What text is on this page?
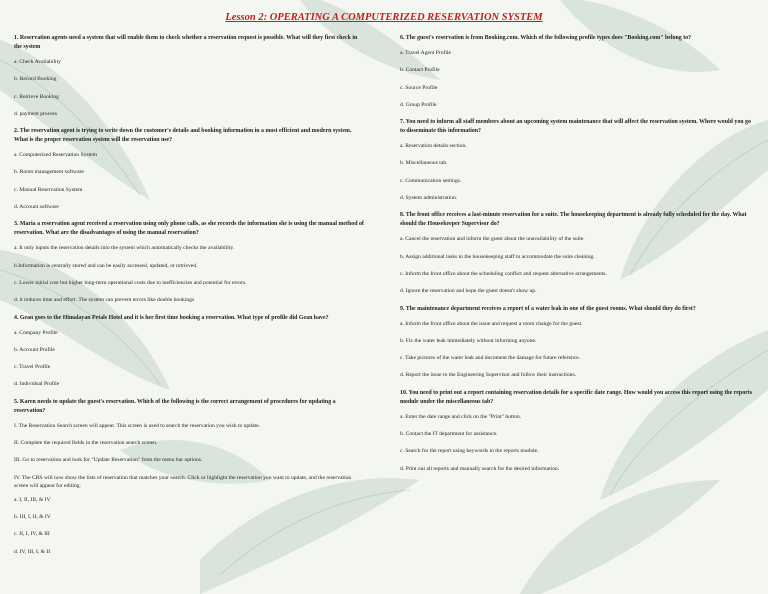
Lesson 2: OPERATING A COMPUTERIZED RESERVATION SYSTEM
1. Reservation agents need a system that will enable them to check whether a reservation request is possible. What will they first check in the system
a. Check Availability
b. Record Booking
c. Retrieve Booking
d. payment process
2. The reservation agent is trying to write down the customer's details and booking information in a most efficient and modern system. What is the proper reservation system will the reservation use?
a. Computerized Reservation System
b. Room management software
c. Manual Reservation System
d. Account software
3. Maria a reservation agent received a reservation using only phone calls, as she records the information she is using the manual method of reservation. What are the disadvantages of using the manual reservation?
a. It only inputs the reservation details into the system which automatically checks the availability.
b.Information is centrally stored and can be easily accessed, updated, or retrieved.
c. Lower initial cost but higher long-term operational costs due to inefficiencies and potential for errors.
d. it reduces time and effort. The system can prevent errors like double bookings
4. Gean goes to the Himalayan Petals Hotel and it is her first time booking a reservation. What type of profile did Gean have?
a. Company Profile
b. Account Profile
c. Travel Profile
d. Individual Profile
5. Karen needs to update the guest's reservation. Which of the following is the correct arrangement of procedures for updating a reservation?
I. The Reservation Search screen will appear. This screen is used to search the reservation you wish to update.
II. Complete the required fields in the reservation search screen.
III. Go to reservation and look for "Update Reservation" from the menu bar options.
IV. The CRS will now show the lists of reservation that matches your search. Click or highlight the reservation you want to update, and the reservation screen will appear for editing.
a. I, II, III, & IV
b. III, I, II, & IV
c. II, I, IV, & III
d. IV, III, I, & II
6. The guest's reservation is from Booking.com. Which of the following profile types does "Booking.com" belong to?
a. Travel Agent Profile
b. Contact Profile
c. Source Profile
d. Group Profile
7. You need to inform all staff members about an upcoming system maintenance that will affect the reservation system. Where would you go to disseminate this information?
a. Reservation details section.
b. Miscellaneous tab.
c. Communication settings.
d. System administration.
8. The front office receives a last-minute reservation for a suite. The housekeeping department is already fully scheduled for the day. What should the Housekeeper Supervisor do?
a. Cancel the reservation and inform the guest about the unavailability of the suite.
b. Assign additional tasks to the housekeeping staff to accommodate the suite cleaning.
c. Inform the front office about the scheduling conflict and request alternative arrangements.
d. Ignore the reservation and hope the guest doesn't show up.
9. The maintenance department receives a report of a water leak in one of the guest rooms. What should they do first?
a. Inform the front office about the issue and request a room change for the guest.
b. Fix the water leak immediately without informing anyone.
c. Take pictures of the water leak and document the damage for future reference.
d. Report the issue to the Engineering Supervisor and follow their instructions.
10. You need to print out a report containing reservation details for a specific date range. How would you access this report using the reports module under the miscellaneous tab?
a. Enter the date range and click on the "Print" button.
b. Contact the IT department for assistance.
c. Search for the report using keywords in the reports module.
d. Print out all reports and manually search for the desired information.
